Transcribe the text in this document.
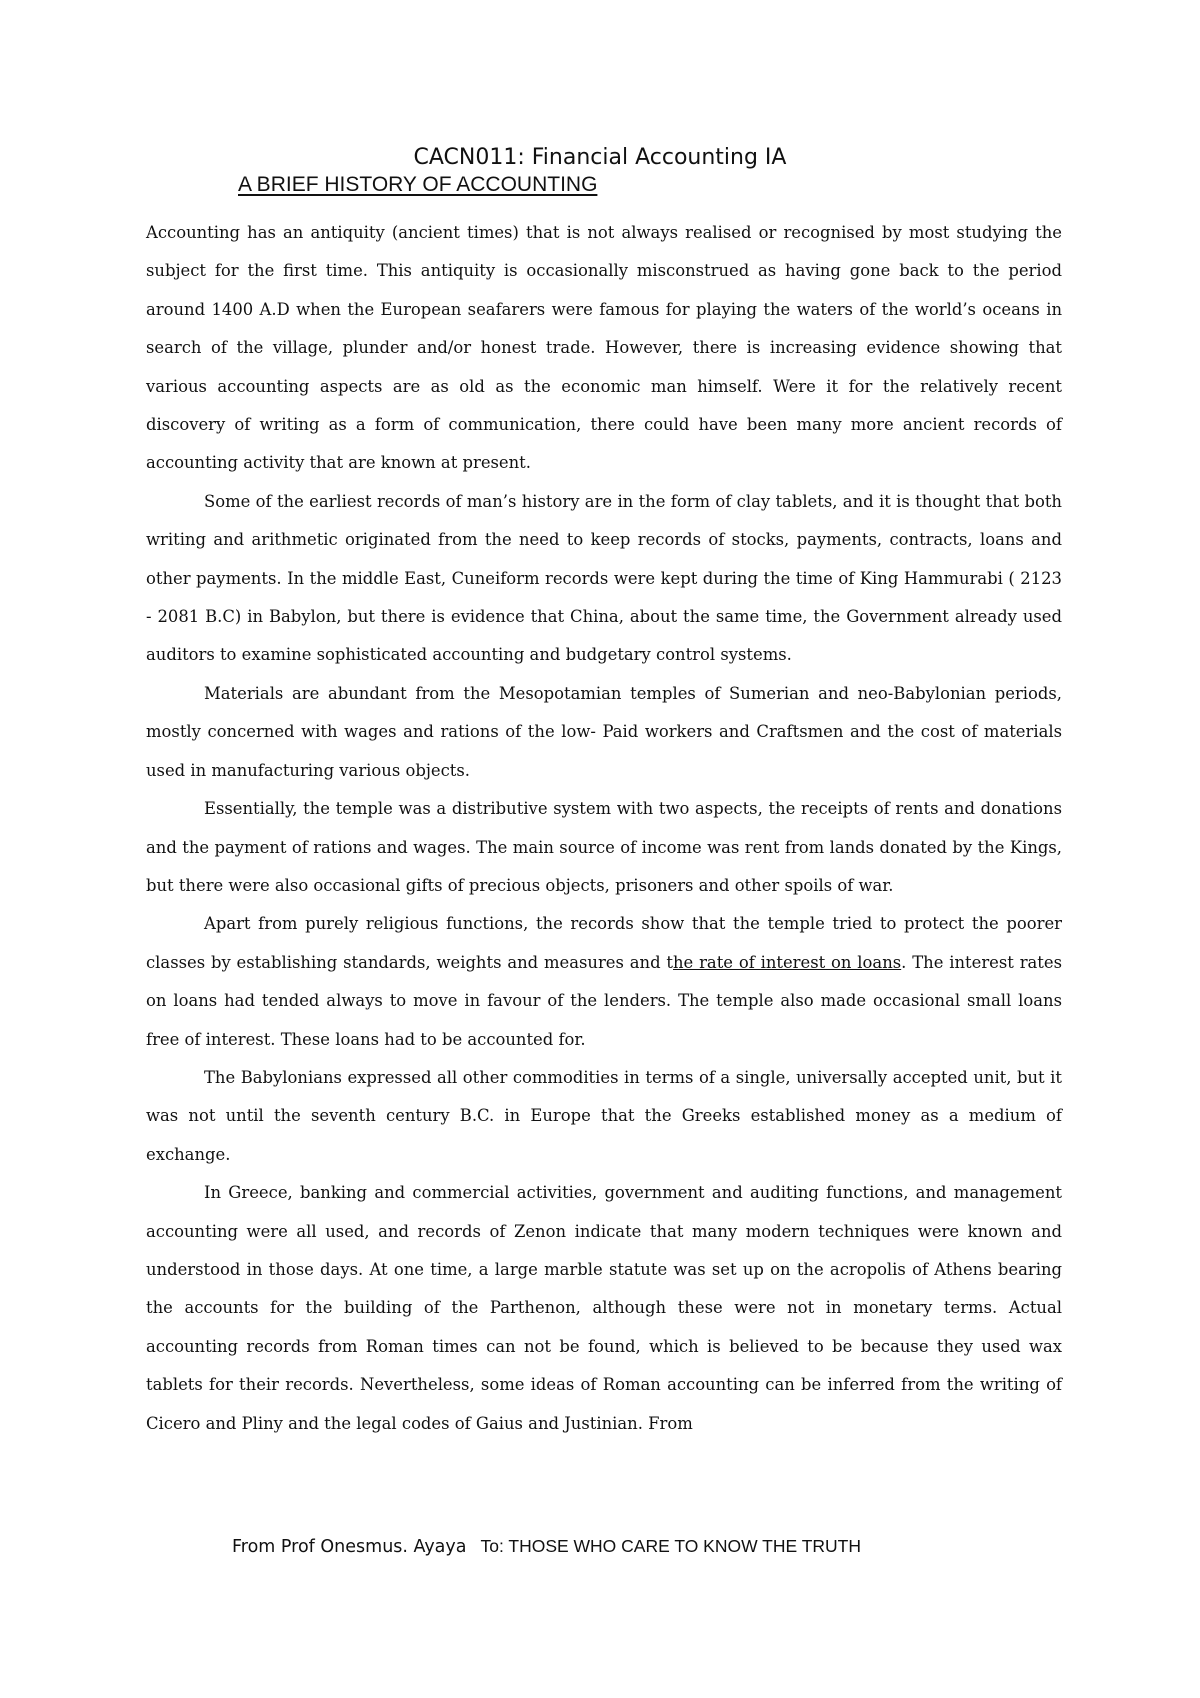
CACN011: Financial Accounting IA
A BRIEF HISTORY OF ACCOUNTING

Accounting has an antiquity (ancient times) that is not always realised or recognised by most studying the subject for the first time. This antiquity is occasionally misconstrued as having gone back to the period around 1400 A.D when the European seafarers were famous for playing the waters of the world’s oceans in search of the village, plunder and/or honest trade. However, there is increasing evidence showing that various accounting aspects are as old as the economic man himself. Were it for the relatively recent discovery of writing as a form of communication, there could have been many more ancient records of accounting activity that are known at present.

Some of the earliest records of man’s history are in the form of clay tablets, and it is thought that both writing and arithmetic originated from the need to keep records of stocks, payments, contracts, loans and other payments. In the middle East, Cuneiform records were kept during the time of King Hammurabi ( 2123 - 2081 B.C) in Babylon, but there is evidence that China, about the same time, the Government already used auditors to examine sophisticated accounting and budgetary control systems.

Materials are abundant from the Mesopotamian temples of Sumerian and neo-Babylonian periods, mostly concerned with wages and rations of the low- Paid workers and Craftsmen and the cost of materials used in manufacturing various objects.

Essentially, the temple was a distributive system with two aspects, the receipts of rents and donations and the payment of rations and wages. The main source of income was rent from lands donated by the Kings, but there were also occasional gifts of precious objects, prisoners and other spoils of war.

Apart from purely religious functions, the records show that the temple tried to protect the poorer classes by establishing standards, weights and measures and the rate of interest on loans. The interest rates on loans had tended always to move in favour of the lenders. The temple also made occasional small loans free of interest. These loans had to be accounted for.

The Babylonians expressed all other commodities in terms of a single, universally accepted unit, but it was not until the seventh century B.C. in Europe that the Greeks established money as a medium of exchange.

In Greece, banking and commercial activities, government and auditing functions, and management accounting were all used, and records of Zenon indicate that many modern techniques were known and understood in those days. At one time, a large marble statute was set up on the acropolis of Athens bearing the accounts for the building of the Parthenon, although these were not in monetary terms. Actual accounting records from Roman times can not be found, which is believed to be because they used wax tablets for their records. Nevertheless, some ideas of Roman accounting can be inferred from the writing of Cicero and Pliny and the legal codes of Gaius and Justinian. From

From Prof Onesmus. Ayaya To: THOSE WHO CARE TO KNOW THE TRUTH
